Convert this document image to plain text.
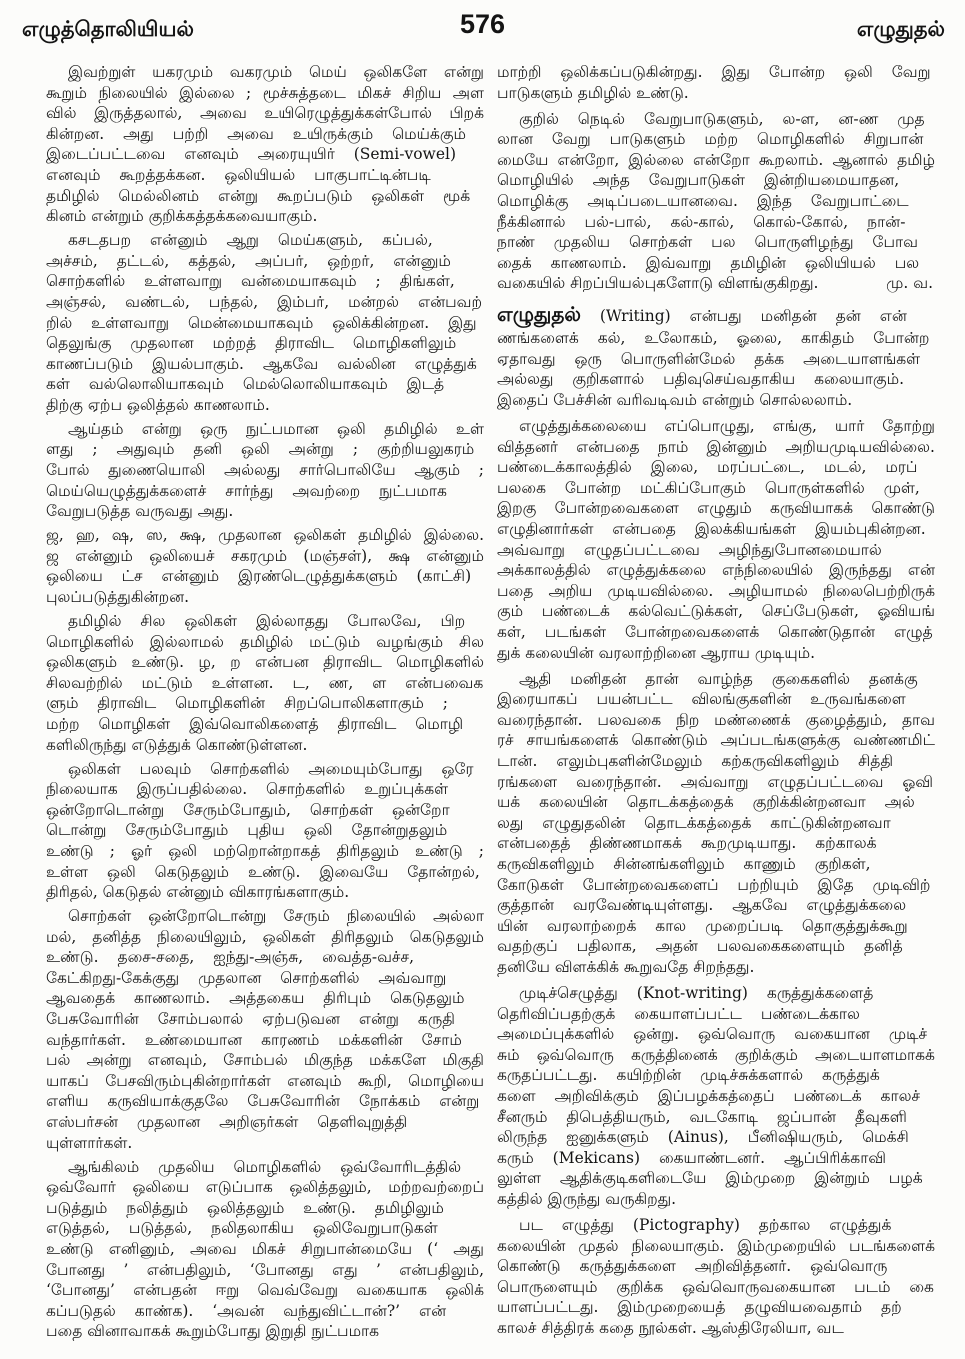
எழுத்தொலியியல்	576	எழுதுதல்
இவற்றுள் யகரமும் வகரமும் மெய் ஒலிகளே என்று
கூறும் நிலையில் இல்லை ; மூச்சுத்தடை மிகச் சிறிய அள
வில் இருத்தலால், அவை உயிரெழுத்துக்கள்போல் பிறக்
கின்றன. அது பற்றி அவை உயிருக்கும் மெய்க்கும்
இடைப்பட்டவை எனவும் அரையுயிர் (Semi-vowel)
எனவும் கூறத்தக்கன. ஒலியியல் பாகுபாட்டின்படி
தமிழில் மெல்லினம் என்று கூறப்படும் ஒலிகள் மூக்
கினம் என்றும் குறிக்கத்தக்கவையாகும்.
கசடதபற என்னும் ஆறு மெய்களும், கப்பல்,
அச்சம், தட்டல், கத்தல், அப்பர், ஒற்றர், என்னும்
சொற்களில் உள்ளவாறு வன்மையாகவும் ; திங்கள்,
அஞ்சல், வண்டல், பந்தல், இம்பர், மன்றல் என்பவற்
றில் உள்ளவாறு மென்மையாகவும் ஒலிக்கின்றன. இது
தெலுங்கு முதலான மற்றத் திராவிட மொழிகளிலும்
காணப்படும் இயல்பாகும். ஆகவே வல்லின எழுத்துக்
கள் வல்லொலியாகவும் மெல்லொலியாகவும் இடத்
திற்கு ஏற்ப ஒலித்தல் காணலாம்.
ஆய்தம் என்று ஒரு நுட்பமான ஒலி தமிழில் உள்
ளது ; அதுவும் தனி ஒலி அன்று ; குற்றியலுகரம்
போல் துணையொலி அல்லது சார்பொலியே ஆகும் ;
மெய்யெழுத்துக்களைச் சார்ந்து அவற்றை நுட்பமாக
வேறுபடுத்த வருவது அது.
ஜ, ஹ, ஷ, ஸ, க்ஷ, முதலான ஒலிகள் தமிழில் இல்லை.
ஜ என்னும் ஒலியைச் சகரமும் (மஞ்சள்), க்ஷ என்னும்
ஒலியை ட்ச என்னும் இரண்டெழுத்துக்களும் (காட்சி)
புலப்படுத்துகின்றன.
தமிழில் சில ஒலிகள் இல்லாதது போலவே, பிற
மொழிகளில் இல்லாமல் தமிழில் மட்டும் வழங்கும் சில
ஒலிகளும் உண்டு. ழ, ற என்பன திராவிட மொழிகளில்
சிலவற்றில் மட்டும் உள்ளன. ட, ண, ள என்பவைக
ளும் திராவிட மொழிகளின் சிறப்பொலிகளாகும் ;
மற்ற மொழிகள் இவ்வொலிகளைத் திராவிட மொழி
களிலிருந்து எடுத்துக் கொண்டுள்ளன.
ஒலிகள் பலவும் சொற்களில் அமையும்போது ஒரே
நிலையாக இருப்பதில்லை. சொற்களில் உறுப்புக்கள்
ஒன்றோடொன்று சேரும்போதும், சொற்கள் ஒன்றோ
டொன்று சேரும்போதும் புதிய ஒலி தோன்றுதலும்
உண்டு ; ஓர் ஒலி மற்றொன்றாகத் திரிதலும் உண்டு ;
உள்ள ஒலி கெடுதலும் உண்டு. இவையே தோன்றல்,
திரிதல், கெடுதல் என்னும் விகாரங்களாகும்.
சொற்கள் ஒன்றோடொன்று சேரும் நிலையில் அல்லா
மல், தனித்த நிலையிலும், ஒலிகள் திரிதலும் கெடுதலும்
உண்டு. தசை-சதை, ஐந்து-அஞ்சு, வைத்த-வச்ச,
கேட்கிறது-கேக்குது முதலான சொற்களில் அவ்வாறு
ஆவதைக் காணலாம். அத்தகைய திரிபும் கெடுதலும்
பேசுவோரின் சோம்பலால் ஏற்படுவன என்று கருதி
வந்தார்கள். உண்மையான காரணம் மக்களின் சோம்
பல் அன்று எனவும், சோம்பல் மிகுந்த மக்களே மிகுதி
யாகப் பேசவிரும்புகின்றார்கள் எனவும் கூறி, மொழியை
எளிய கருவியாக்குதலே பேசுவோரின் நோக்கம் என்று
எஸ்பர்சன் முதலான அறிஞர்கள் தெளிவுறுத்தி
யுள்ளார்கள்.
ஆங்கிலம் முதலிய மொழிகளில் ஒவ்வோரிடத்தில்
ஒவ்வோர் ஒலியை எடுப்பாக ஒலித்தலும், மற்றவற்றைப்
படுத்தும் நலித்தும் ஒலித்தலும் உண்டு. தமிழிலும்
எடுத்தல், படுத்தல், நலிதலாகிய ஒலிவேறுபாடுகள்
உண்டு எனினும், அவை மிகச் சிறுபான்மையே (‘ அது
போனது ’ என்பதிலும், ‘போனது எது ’ என்பதிலும்,
‘போனது’ என்பதன் ஈறு வெவ்வேறு வகையாக ஒலிக்
கப்படுதல் காண்க). ‘அவன் வந்துவிட்டான்?’ என்
பதை வினாவாகக் கூறும்போது இறுதி நுட்பமாக
மாற்றி ஒலிக்கப்படுகின்றது. இது போன்ற ஒலி வேறு
பாடுகளும் தமிழில் உண்டு.
குறில் நெடில் வேறுபாடுகளும், ல-ள, ன-ண முத
லான வேறு பாடுகளும் மற்ற மொழிகளில் சிறுபான்
மையே என்றோ, இல்லை என்றோ கூறலாம். ஆனால் தமிழ்
மொழியில் அந்த வேறுபாடுகள் இன்றியமையாதன,
மொழிக்கு அடிப்படையானவை. இந்த வேறுபாட்டை
நீக்கினால் பல்-பால், கல்-கால், கொல்-கோல், நான்-
நாண் முதலிய சொற்கள் பல பொருளிழந்து போவ
தைக் காணலாம். இவ்வாறு தமிழின் ஒலியியல் பல
வகையில் சிறப்பியல்புகளோடு விளங்குகிறது.	மு. வ.
எழுதுதல் (Writing) என்பது மனிதன் தன் என்
ணங்களைக் கல், உலோகம், ஓலை, காகிதம் போன்ற
ஏதாவது ஒரு பொருளின்மேல் தக்க அடையாளங்கள்
அல்லது குறிகளால் பதிவுசெய்வதாகிய கலையாகும்.
இதைப் பேச்சின் வரிவடிவம் என்றும் சொல்லலாம்.
எழுத்துக்கலையை எப்பொழுது, எங்கு, யார் தோற்று
வித்தனர் என்பதை நாம் இன்னும் அறியமுடியவில்லை.
பண்டைக்காலத்தில் இலை, மரப்பட்டை, மடல், மரப்
பலகை போன்ற மட்கிப்போகும் பொருள்களில் முள்,
இறகு போன்றவைகளை எழுதும் கருவியாகக் கொண்டு
எழுதினார்கள் என்பதை இலக்கியங்கள் இயம்புகின்றன.
அவ்வாறு எழுதப்பட்டவை அழிந்துபோனமையால்
அக்காலத்தில் எழுத்துக்கலை எந்நிலையில் இருந்தது என்
பதை அறிய முடியவில்லை. அழியாமல் நிலைபெற்றிருக்
கும் பண்டைக் கல்வெட்டுக்கள், செப்பேடுகள், ஓவியங்
கள், படங்கள் போன்றவைகளைக் கொண்டுதான் எழுத்
துக் கலையின் வரலாற்றினை ஆராய முடியும்.
ஆதி மனிதன் தான் வாழ்ந்த குகைகளில் தனக்கு
இரையாகப் பயன்பட்ட விலங்குகளின் உருவங்களை
வரைந்தான். பலவகை நிற மண்ணைக் குழைத்தும், தாவ
ரச் சாயங்களைக் கொண்டும் அப்படங்களுக்கு வண்ணமிட்
டான். எலும்புகளின்மேலும் கற்கருவிகளிலும் சித்தி
ரங்களை வரைந்தான். அவ்வாறு எழுதப்பட்டவை ஓவி
யக் கலையின் தொடக்கத்தைக் குறிக்கின்றனவா அல்
லது எழுதுதலின் தொடக்கத்தைக் காட்டுகின்றனவா
என்பதைத் திண்ணமாகக் கூறமுடியாது. கற்காலக்
கருவிகளிலும் சின்னங்களிலும் காணும் குறிகள்,
கோடுகள் போன்றவைகளைப் பற்றியும் இதே முடிவிற்
குத்தான் வரவேண்டியுள்ளது. ஆகவே எழுத்துக்கலை
யின் வரலாற்றைக் கால முறைப்படி தொகுத்துக்கூறு
வதற்குப் பதிலாக, அதன் பலவகைகளையும் தனித்
தனியே விளக்கிக் கூறுவதே சிறந்தது.
முடிச்செழுத்து (Knot-writing) கருத்துக்களைத்
தெரிவிப்பதற்குக் கையாளப்பட்ட பண்டைக்கால
அமைப்புக்களில் ஒன்று. ஒவ்வொரு வகையான முடிச்
சும் ஒவ்வொரு கருத்தினைக் குறிக்கும் அடையாளமாகக்
கருதப்பட்டது. கயிற்றின் முடிச்சுக்களால் கருத்துக்
களை அறிவிக்கும் இப்பழக்கத்தைப் பண்டைக் காலச்
சீனரும் திபெத்தியரும், வடகோடி ஜப்பான் தீவுகளி
லிருந்த ஐனுக்களும் (Ainus), பீனிஷியரும், மெக்சி
கரும் (Mekicans) கையாண்டனர். ஆப்பிரிக்காவி
லுள்ள ஆதிக்குடிகளிடையே இம்முறை இன்றும் பழக்
கத்தில் இருந்து வருகிறது.
பட எழுத்து (Pictography) தற்கால எழுத்துக்
கலையின் முதல் நிலையாகும். இம்முறையில் படங்களைக்
கொண்டு கருத்துக்களை அறிவித்தனர். ஒவ்வொரு
பொருளையும் குறிக்க ஒவ்வொருவகையான படம் கை
யாளப்பட்டது. இம்முறையைத் தழுவியவைதாம் தற்
காலச் சித்திரக் கதை நூல்கள். ஆஸ்திரேலியா, வட
